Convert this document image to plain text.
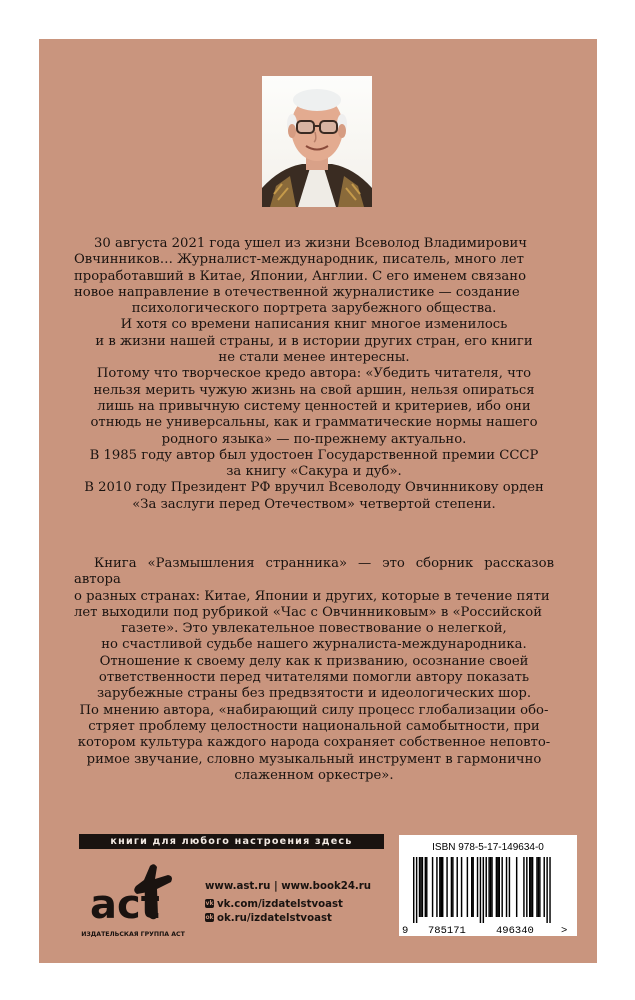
30 августа 2021 года ушел из жизни Всеволод Владимирович

Овчинников… Журналист-международник, писатель, много лет

проработавший в Китае, Японии, Англии. С его именем связано

новое направление в отечественной журналистике — создание

психологического портрета зарубежного общества.

И хотя со времени написания книг многое изменилось

и в жизни нашей страны, и в истории других стран, его книги

не стали менее интересны.

Потому что творческое кредо автора: «Убедить читателя, что

нельзя мерить чужую жизнь на свой аршин, нельзя опираться

лишь на привычную систему ценностей и критериев, ибо они

отнюдь не универсальны, как и грамматические нормы нашего

родного языка» — по-прежнему актуально.

В 1985 году автор был удостоен Государственной премии СССР

за книгу «Сакура и дуб».

В 2010 году Президент РФ вручил Всеволоду Овчинникову орден

«За заслуги перед Отечеством» четвертой степени.

Книга «Размышления странника» — это сборник рассказов автора

о разных странах: Китае, Японии и других, которые в течение пяти

лет выходили под рубрикой «Час с Овчинниковым» в «Российской

газете». Это увлекательное повествование о нелегкой,

но счастливой судьбе нашего журналиста-международника.

Отношение к своему делу как к призванию, осознание своей

ответственности перед читателями помогли автору показать

зарубежные страны без предвзятости и идеологических шор.

По мнению автора, «набирающий силу процесс глобализации обо-

стряет проблему целостности национальной самобытности, при

котором культура каждого народа сохраняет собственное неповто-

римое звучание, словно музыкальный инструмент в гармонично

слаженном оркестре».

книги для любого настроения здесь
act
ИЗДАТЕЛЬСКАЯ ГРУППА АСТ
www.ast.ru | www.book24.ru
vk vk.com/izdatelstvoast
ok ok.ru/izdatelstvoast
ISBN 978-5-17-149634-0
9 785171	496340	>
